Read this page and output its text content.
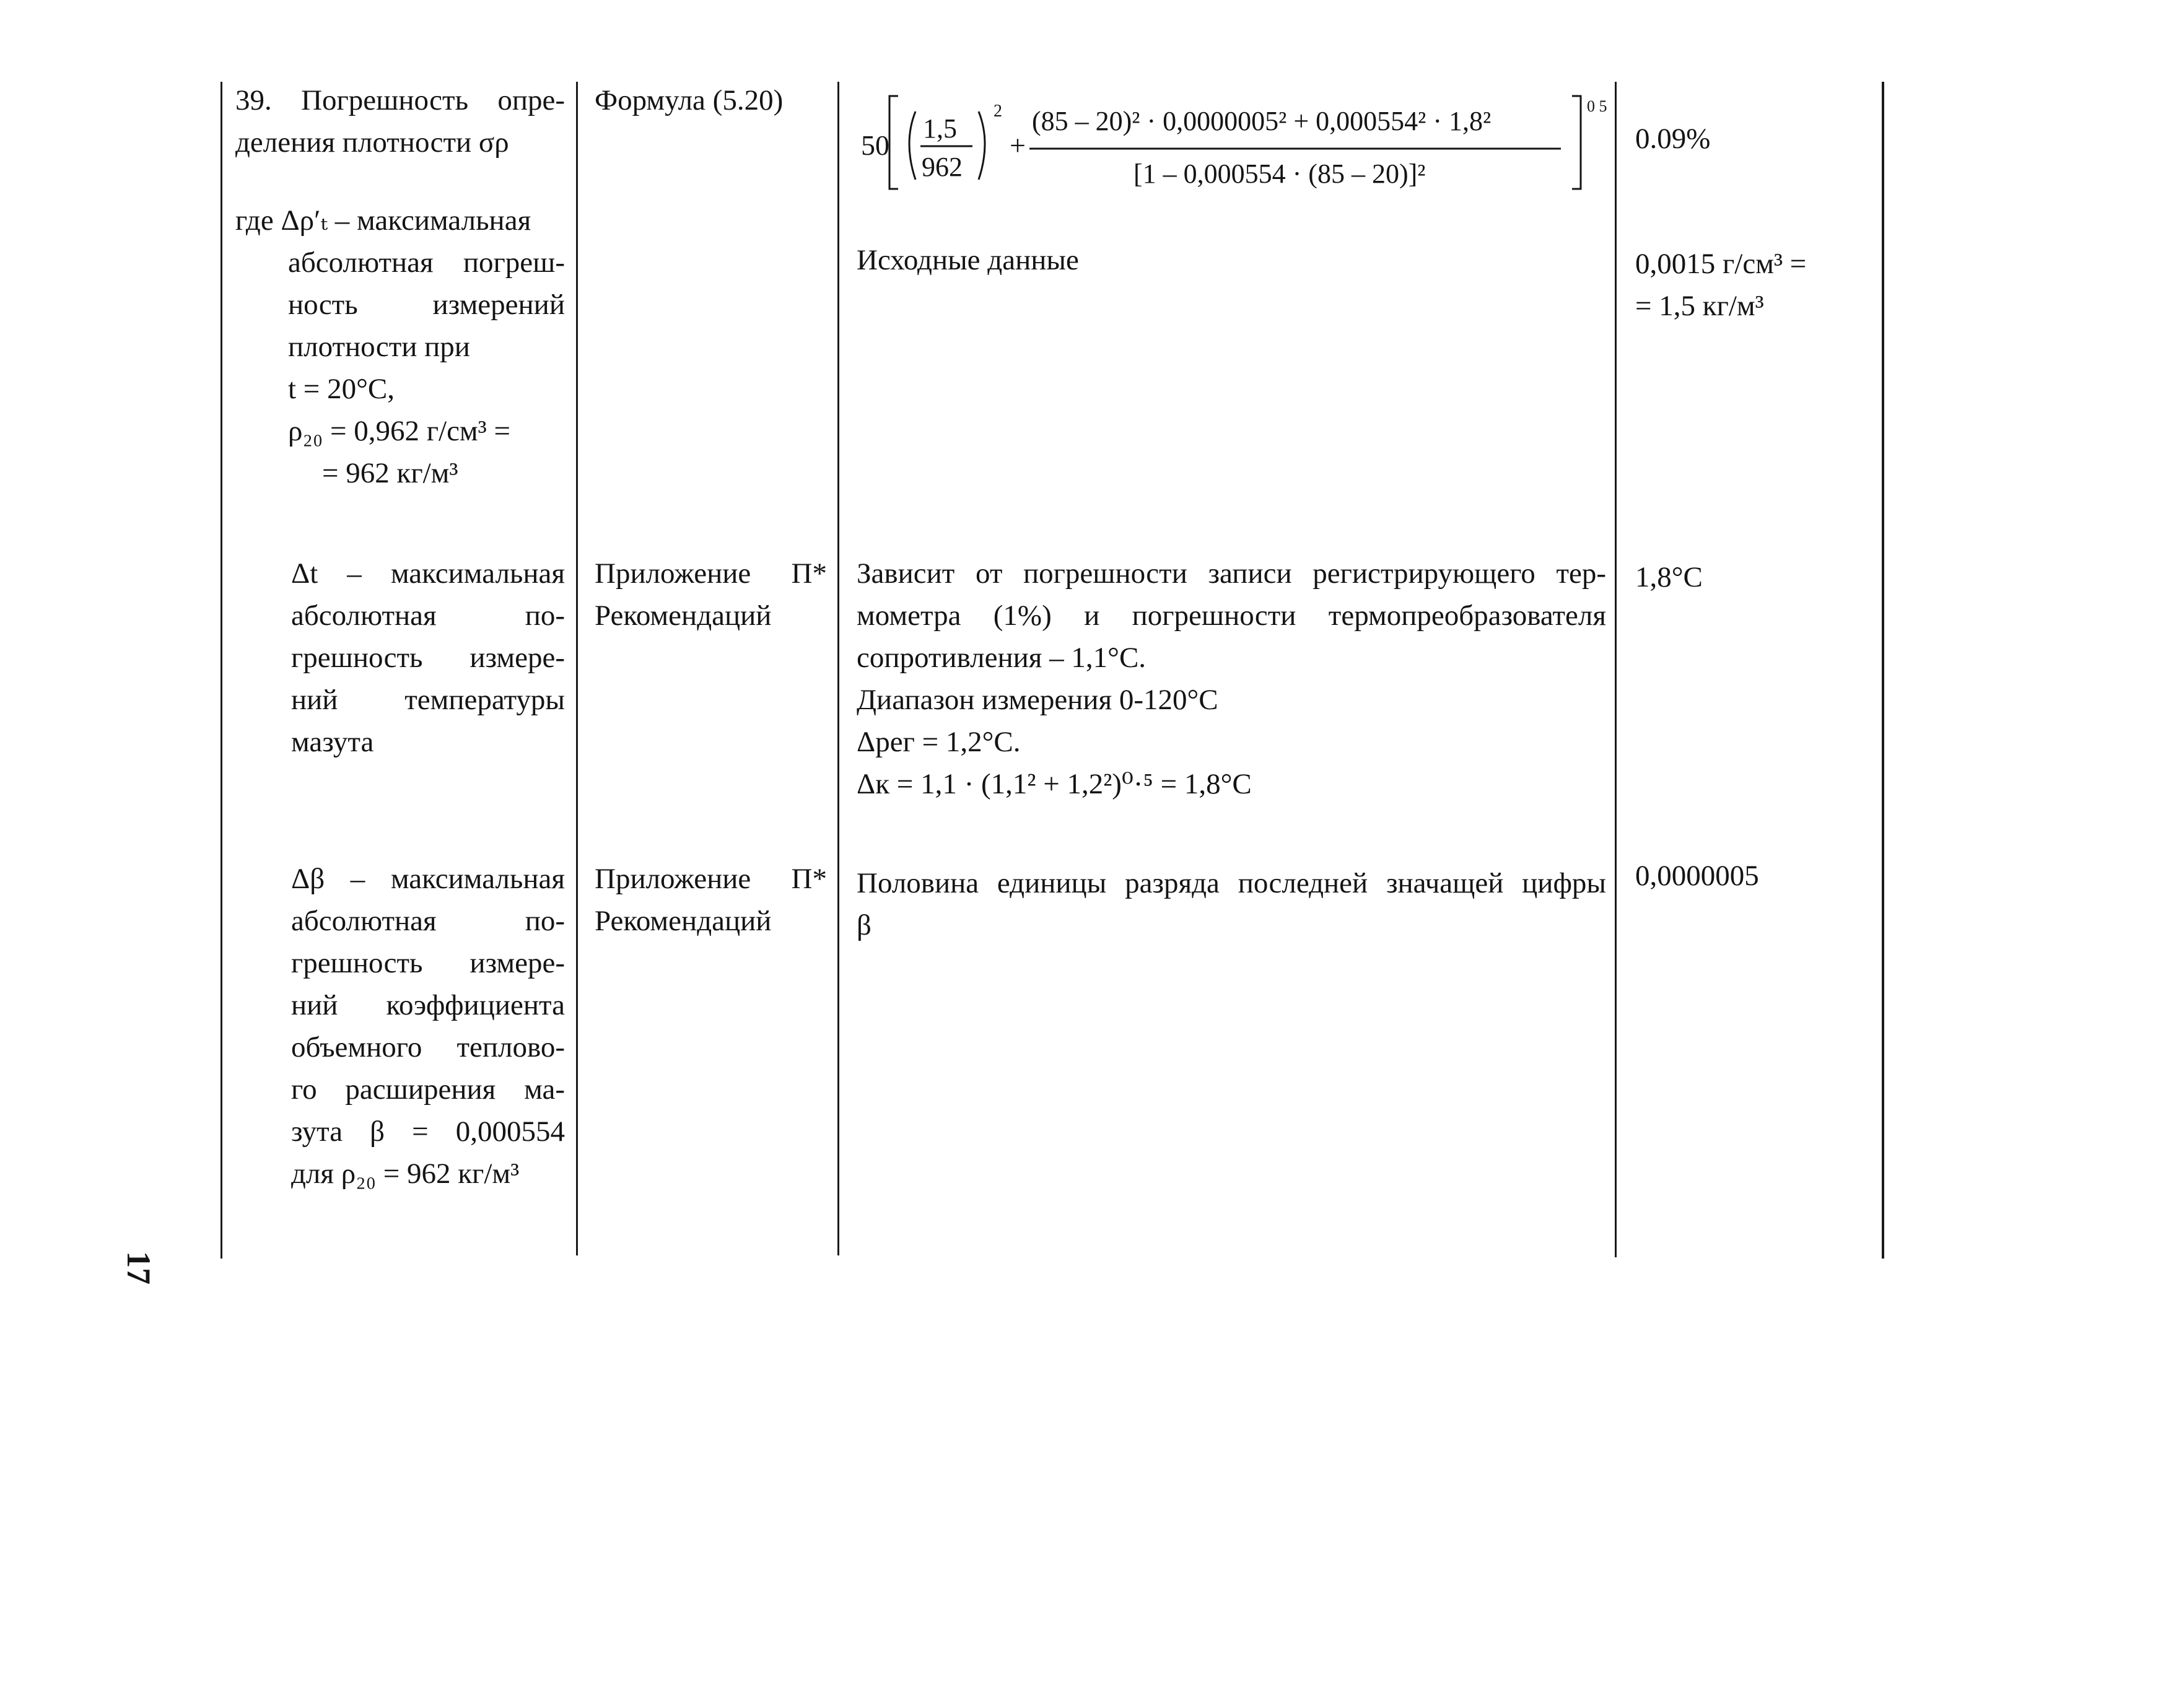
17
39. Погрешность опре-
деления плотности σρ
Формула (5.20)
50
1,5
962
2
+
(85 – 20)² · 0,0000005² + 0,000554² · 1,8²
[1 – 0,000554 · (85 – 20)]²
0 5
0.09%
где Δρ′ₜ – максимальная
абсолютная погреш-
ность измерений
плотности при
t = 20°C,
ρ₂₀ = 0,962 г/см³ =
= 962 кг/м³
Исходные данные	0,0015 г/см³ =
= 1,5 кг/м³
Δt – максимальная
абсолютная по-
грешность измере-
ний температуры
мазута
Приложение П*
Рекомендаций
Зависит от погрешности записи регистрирующего тер-
мометра (1%) и погрешности термопреобразователя
сопротивления – 1,1°С.
Диапазон измерения 0-120°С
Δрег = 1,2°С.
Δк = 1,1 · (1,1² + 1,2²)⁰·⁵ = 1,8°С
1,8°С
Δβ – максимальная
абсолютная по-
грешность измере-
ний коэффициента
объемного теплово-
го расширения ма-
зута β = 0,000554
для ρ₂₀ = 962 кг/м³
Приложение П*
Рекомендаций
Половина единицы разряда последней значащей цифры
β
0,0000005
